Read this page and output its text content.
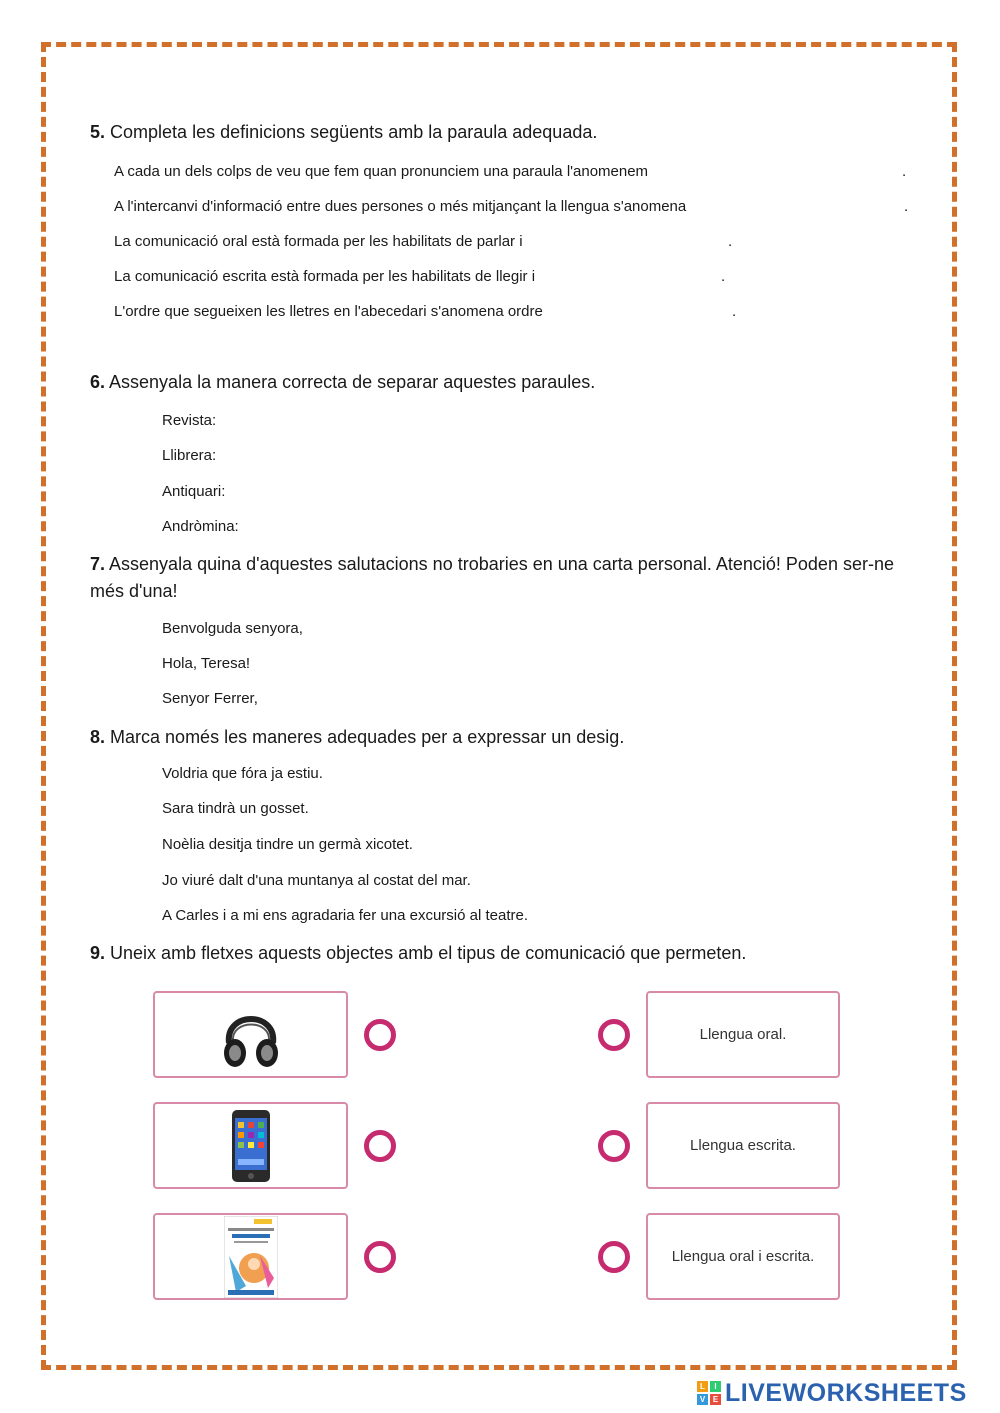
5. Completa les definicions següents amb la paraula adequada.

A cada un dels colps de veu que fem quan pronunciem una paraula l'anomenem	.
A l'intercanvi d'informació entre dues persones o més mitjançant la llengua s'anomena	.
La comunicació oral està formada per les habilitats de parlar i	.
La comunicació escrita està formada per les habilitats de llegir i	.
L'ordre que segueixen les lletres en l'abecedari s'anomena ordre	.

6. Assenyala la manera correcta de separar aquestes paraules.

Revista:
Llibrera:
Antiquari:
Andròmina:

7. Assenyala quina d'aquestes salutacions no trobaries en una carta personal. Atenció! Poden ser-ne més d'una!

Benvolguda senyora,
Hola, Teresa!
Senyor Ferrer,

8. Marca només les maneres adequades per a expressar un desig.

Voldria que fóra ja estiu.
Sara tindrà un gosset.
Noèlia desitja tindre un germà xicotet.
Jo viuré dalt d'una muntanya al costat del mar.
A Carles i a mi ens agradaria fer una excursió al teatre.

9. Uneix amb fletxes aquests objectes amb el tipus de comunicació que permeten.

Llengua oral.
Llengua escrita.
Llengua oral i escrita.
L	I
V E LIVEWORKSHEETS
